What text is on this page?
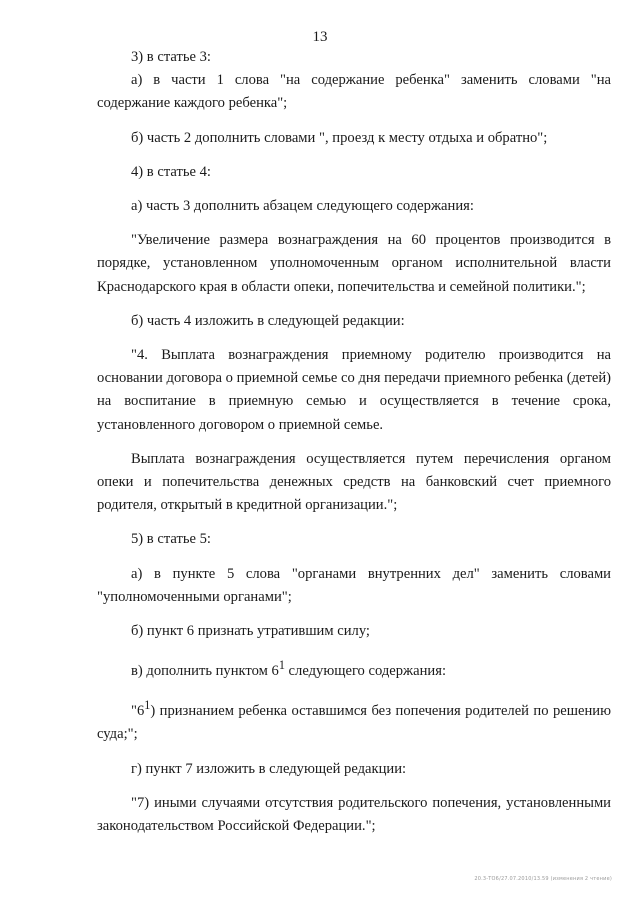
13

3) в статье 3:

а) в части 1 слова "на содержание ребенка" заменить словами "на содержание каждого ребенка";

б) часть 2 дополнить словами ", проезд к месту отдыха и обратно";

4) в статье 4:

а) часть 3 дополнить абзацем следующего содержания:

"Увеличение размера вознаграждения на 60 процентов производится в порядке, установленном уполномоченным органом исполнительной власти Краснодарского края в области опеки, попечительства и семейной политики.";

б) часть 4 изложить в следующей редакции:

"4. Выплата вознаграждения приемному родителю производится на основании договора о приемной семье со дня передачи приемного ребенка (детей) на воспитание в приемную семью и осуществляется в течение срока, установленного договором о приемной семье.

Выплата вознаграждения осуществляется путем перечисления органом опеки и попечительства денежных средств на банковский счет приемного родителя, открытый в кредитной организации.";

5) в статье 5:

а) в пункте 5 слова "органами внутренних дел" заменить словами "уполномоченными органами";

б) пункт 6 признать утратившим силу;

в) дополнить пунктом $6^1$ следующего содержания:

"$6^1$) признанием ребенка оставшимся без попечения родителей по решению суда;";

г) пункт 7 изложить в следующей редакции:

"7) иными случаями отсутствия родительского попечения, установленными законодательством Российской Федерации.";

20.3-ТО6/27.07.2010/13.59 (изменения 2 чтение)
